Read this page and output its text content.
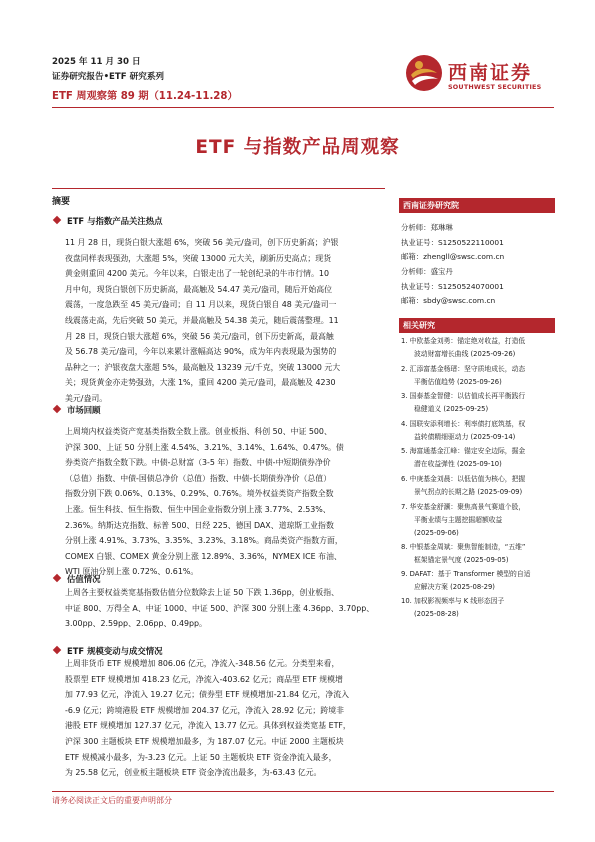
2025 年 11 月 30 日
证券研究报告•ETF 研究系列
ETF 周观察第 89 期（11.24-11.28）
西南证券
SOUTHWEST SECURITIES
ETF 与指数产品周观察
摘要
ETF 与指数产品关注热点
11 月 28 日，现货白银大涨超 6%，突破 56 美元/盎司，创下历史新高；沪银
夜盘同样表现强劲，大涨超 5%，突破 13000 元大关，刷新历史高点；现货
黄金则重回 4200 美元。今年以来，白银走出了一轮创纪录的牛市行情。10
月中旬，现货白银创下历史新高，最高触及 54.47 美元/盎司，随后开始高位
震荡，一度急跌至 45 美元/盎司；自 11 月以来，现货白银自 48 美元/盎司一
线震荡走高，先后突破 50 美元，并最高触及 54.38 美元，随后震荡整理。11
月 28 日，现货白银大涨超 6%，突破 56 美元/盎司，创下历史新高，最高触
及 56.78 美元/盎司，今年以来累计涨幅高达 90%，成为年内表现最为强势的
品种之一；沪银夜盘大涨超 5%，最高触及 13239 元/千克，突破 13000 元大
关；现货黄金亦走势强劲，大涨 1%，重回 4200 美元/盎司，最高触及 4230
美元/盎司。
市场回顾
上周境内权益类资产宽基类指数全数上涨。创业板指、科创 50、中证 500、
沪深 300、上证 50 分别上涨 4.54%、3.21%、3.14%、1.64%、0.47%。债
券类资产指数全数下跌。中债-总财富（3-5 年）指数、中债-中短期债券净价
（总值）指数、中债-国债总净价（总值）指数、中债-长期债券净价（总值）
指数分别下跌 0.06%、0.13%、0.29%、0.76%。境外权益类资产指数全数
上涨。恒生科技、恒生指数、恒生中国企业指数分别上涨 3.77%、2.53%、
2.36%。纳斯达克指数、标普 500、日经 225、德国 DAX、道琼斯工业指数
分别上涨 4.91%、3.73%、3.35%、3.23%、3.18%。商品类资产指数方面，
COMEX 白银、COMEX 黄金分别上涨 12.89%、3.36%，NYMEX ICE 布油、
WTI 原油分别上涨 0.72%、0.61%。
估值情况
上周各主要权益类宽基指数估值分位数除去上证 50 下跌 1.36pp，创业板指、
中证 800、万得全 A、中证 1000、中证 500、沪深 300 分别上涨 4.36pp、3.70pp、
3.00pp、2.59pp、2.06pp、0.49pp。
ETF 规模变动与成交情况
上周非货币 ETF 规模增加 806.06 亿元，净流入-348.56 亿元。分类型来看，
股票型 ETF 规模增加 418.23 亿元，净流入-403.62 亿元；商品型 ETF 规模增
加 77.93 亿元，净流入 19.27 亿元；债券型 ETF 规模增加-21.84 亿元，净流入
-6.9 亿元；跨境港股 ETF 规模增加 204.37 亿元，净流入 28.92 亿元；跨境非
港股 ETF 规模增加 127.37 亿元，净流入 13.77 亿元。具体到权益类宽基 ETF，
沪深 300 主题板块 ETF 规模增加最多，为 187.07 亿元。中证 2000 主题板块
ETF 规模减小最多，为-3.23 亿元。上证 50 主题板块 ETF 资金净流入最多，
为 25.58 亿元，创业板主题板块 ETF 资金净流出最多，为-63.43 亿元。
西南证券研究院
分析师：郑琳琳
执业证号：S1250522110001
邮箱：zhengll@swsc.com.cn
分析师：盛宝丹
执业证号：S1250524070001
邮箱：sbdy@swsc.com.cn
相关研究
1. 中欧基金刘勇：锚定绝对收益，打造低
波动财富增长曲线 (2025-09-26)
2. 汇添富基金杨瑨：坚守质地成长，动态
平衡估值趋势 (2025-09-26)
3. 国泰基金智健：以估值成长再平衡践行
稳健道义 (2025-09-25)
4. 国联安添利增长：利率债打底筑基，权
益转债精细驱动力 (2025-09-14)
5. 海富通基金江峰：锚定安全边际，掘金
潜在收益弹性 (2025-09-10)
6. 中庚基金刘晨：以低估值为核心，把握
景气拐点的长期之路 (2025-09-09)
7. 华安基金舒灏：聚焦高景气赛道个股，
平衡业绩与主题挖掘超额收益
(2025-09-06)
8. 中银基金周斌：聚焦智能制造，“五维”
框架锚定景气度 (2025-09-05)
9. DAFAT：基于 Transformer 模型的自适
应解决方案 (2025-08-29)
10. 加权影视频率与 K 线形态因子
(2025-08-28)
请务必阅读正文后的重要声明部分
